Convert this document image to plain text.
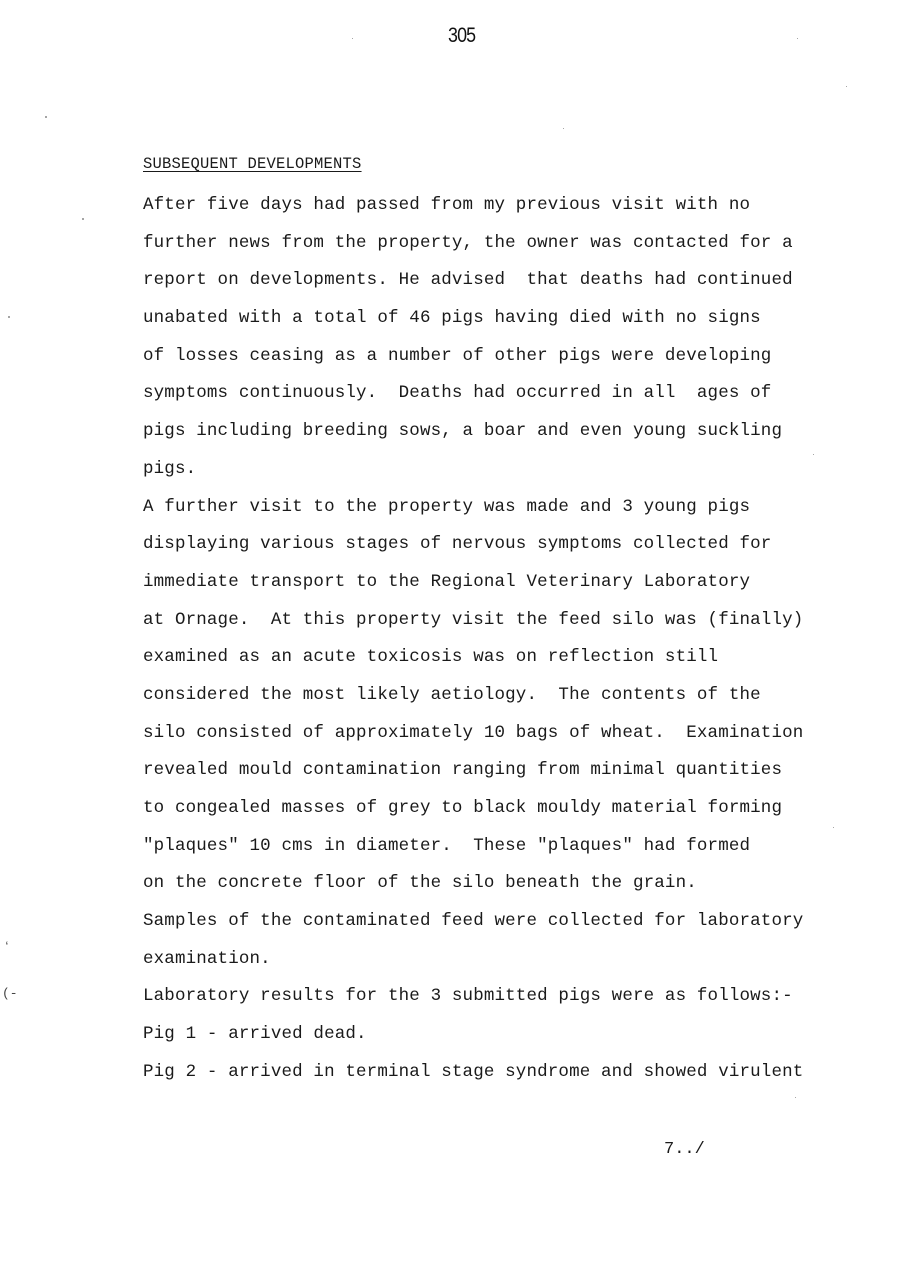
305
SUBSEQUENT DEVELOPMENTS
After five days had passed from my previous visit with no
further news from the property, the owner was contacted for a
report on developments. He advised  that deaths had continued
unabated with a total of 46 pigs having died with no signs
of losses ceasing as a number of other pigs were developing
symptoms continuously.  Deaths had occurred in all  ages of
pigs including breeding sows, a boar and even young suckling
pigs.
A further visit to the property was made and 3 young pigs
displaying various stages of nervous symptoms collected for
immediate transport to the Regional Veterinary Laboratory
at Ornage.  At this property visit the feed silo was (finally)
examined as an acute toxicosis was on reflection still
considered the most likely aetiology.  The contents of the
silo consisted of approximately 10 bags of wheat.  Examination
revealed mould contamination ranging from minimal quantities
to congealed masses of grey to black mouldy material forming
"plaques" 10 cms in diameter.  These "plaques" had formed
on the concrete floor of the silo beneath the grain.
Samples of the contaminated feed were collected for laboratory
examination.
Laboratory results for the 3 submitted pigs were as follows:-
Pig 1 - arrived dead.
Pig 2 - arrived in terminal stage syndrome and showed virulent
7../
ʻ
(‐
